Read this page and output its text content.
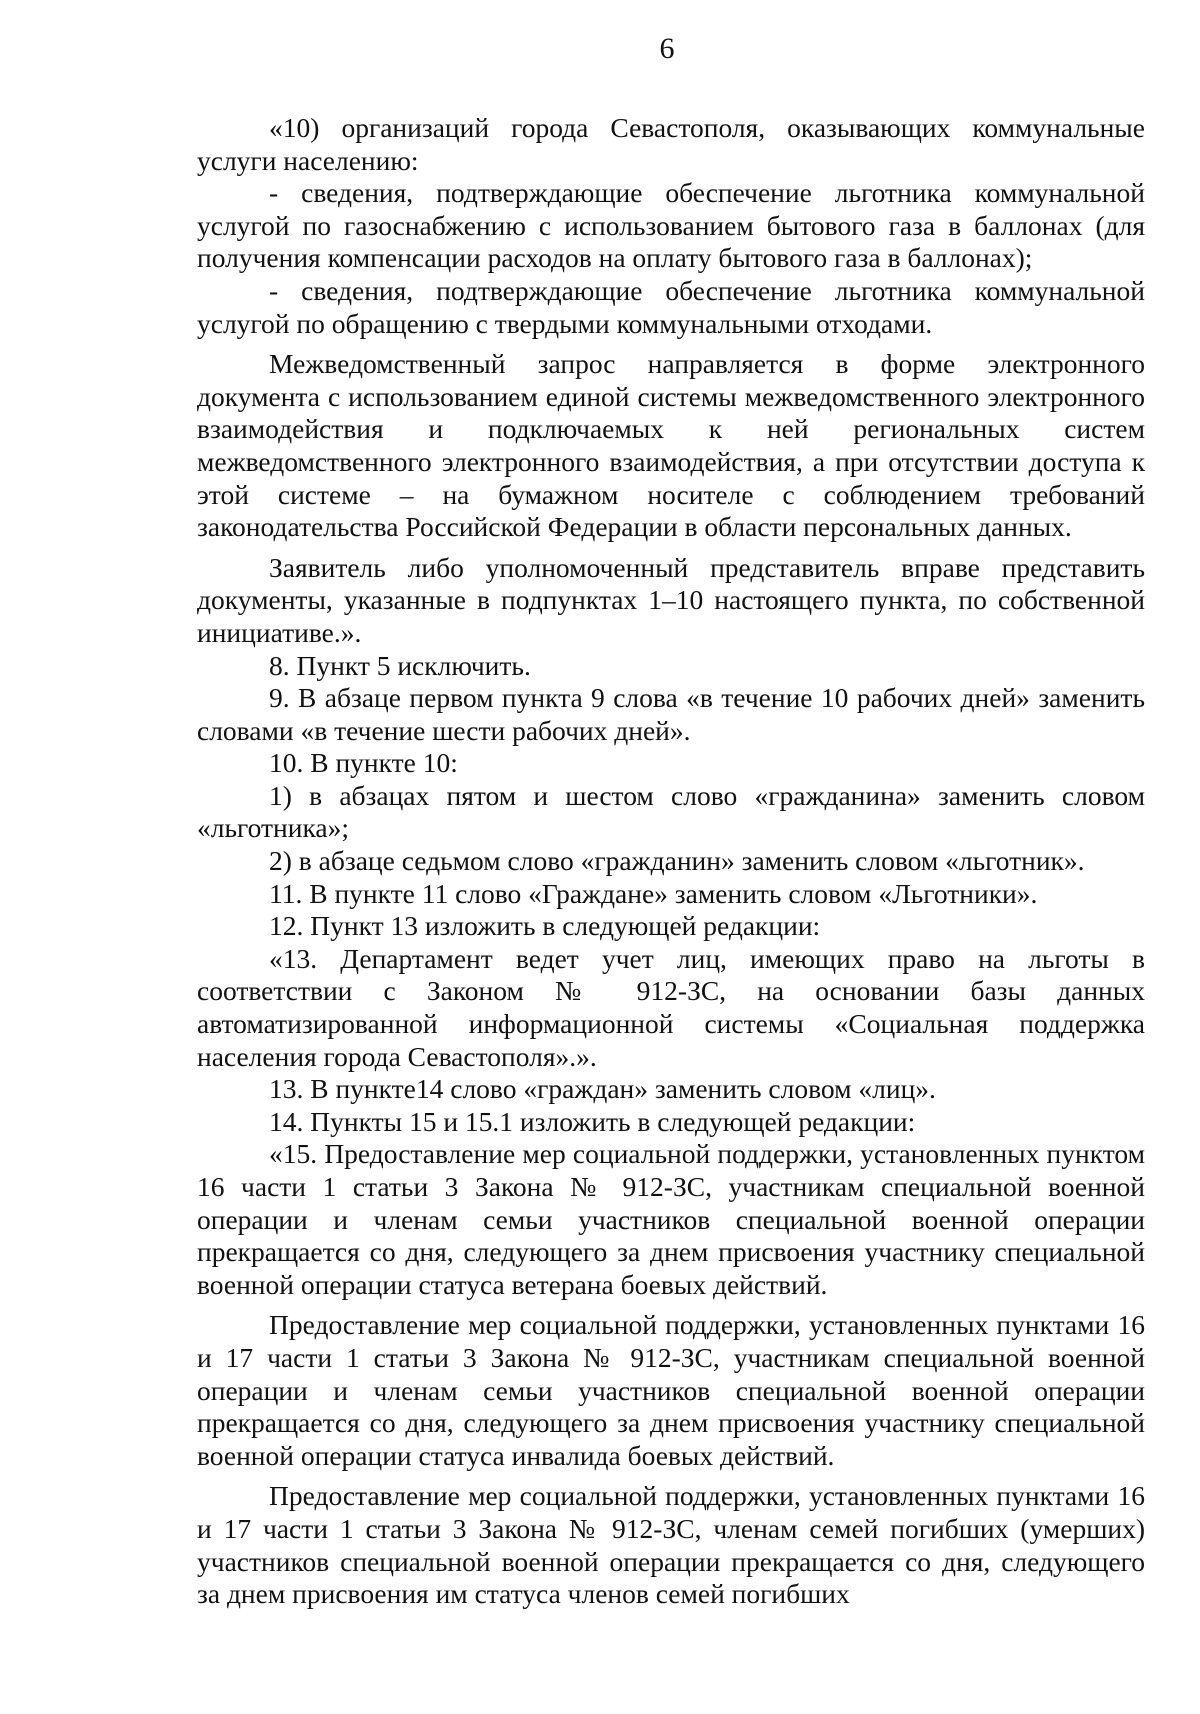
6

«10) организаций города Севастополя, оказывающих коммунальные услуги населению:

- сведения, подтверждающие обеспечение льготника коммунальной услугой по газоснабжению с использованием бытового газа в баллонах (для получения компенсации расходов на оплату бытового газа в баллонах);

- сведения, подтверждающие обеспечение льготника коммунальной услугой по обращению с твердыми коммунальными отходами.

Межведомственный запрос направляется в форме электронного документа с использованием единой системы межведомственного электронного взаимодействия и подключаемых к ней региональных систем межведомственного электронного взаимодействия, а при отсутствии доступа к этой системе – на бумажном носителе с соблюдением требований законодательства Российской Федерации в области персональных данных.

Заявитель либо уполномоченный представитель вправе представить документы, указанные в подпунктах 1–10 настоящего пункта, по собственной инициативе.».

8. Пункт 5 исключить.

9. В абзаце первом пункта 9 слова «в течение 10 рабочих дней» заменить словами «в течение шести рабочих дней».

10. В пункте 10:

1) в абзацах пятом и шестом слово «гражданина» заменить словом «льготника»;

2) в абзаце седьмом слово «гражданин» заменить словом «льготник».

11. В пункте 11 слово «Граждане» заменить словом «Льготники».

12. Пункт 13 изложить в следующей редакции:

«13. Департамент ведет учет лиц, имеющих право на льготы в соответствии с Законом № 912-ЗС, на основании базы данных автоматизированной информационной системы «Социальная поддержка населения города Севастополя».».

13. В пункте14 слово «граждан» заменить словом «лиц».

14. Пункты 15 и 15.1 изложить в следующей редакции:

«15. Предоставление мер социальной поддержки, установленных пунктом 16 части 1 статьи 3 Закона № 912-ЗС, участникам специальной военной операции и членам семьи участников специальной военной операции прекращается со дня, следующего за днем присвоения участнику специальной военной операции статуса ветерана боевых действий.

Предоставление мер социальной поддержки, установленных пунктами 16 и 17 части 1 статьи 3 Закона № 912-ЗС, участникам специальной военной операции и членам семьи участников специальной военной операции прекращается со дня, следующего за днем присвоения участнику специальной военной операции статуса инвалида боевых действий.

Предоставление мер социальной поддержки, установленных пунктами 16 и 17 части 1 статьи 3 Закона № 912-ЗС, членам семей погибших (умерших) участников специальной военной операции прекращается со дня, следующего за днем присвоения им статуса членов семей погибших
